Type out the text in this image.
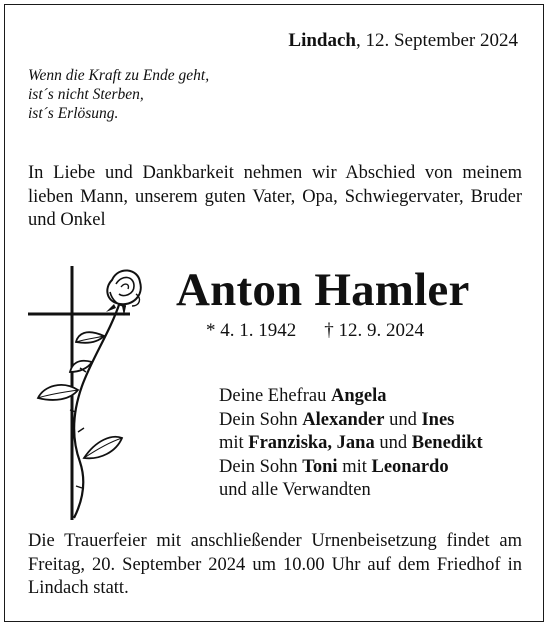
Lindach, 12. September 2024
Wenn die Kraft zu Ende geht,
ist´s nicht Sterben,
ist´s Erlösung.
In Liebe und Dankbarkeit nehmen wir Abschied von meinem lieben Mann, unserem guten Vater, Opa, Schwiegervater, Bruder und Onkel
Anton Hamler
* 4. 1. 1942 † 12. 9. 2024
Deine Ehefrau Angela
Dein Sohn Alexander und Ines
mit Franziska, Jana und Benedikt
Dein Sohn Toni mit Leonardo
und alle Verwandten
Die Trauerfeier mit anschließender Urnenbeisetzung findet am Freitag, 20. September 2024 um 10.00 Uhr auf dem Friedhof in Lindach statt.
